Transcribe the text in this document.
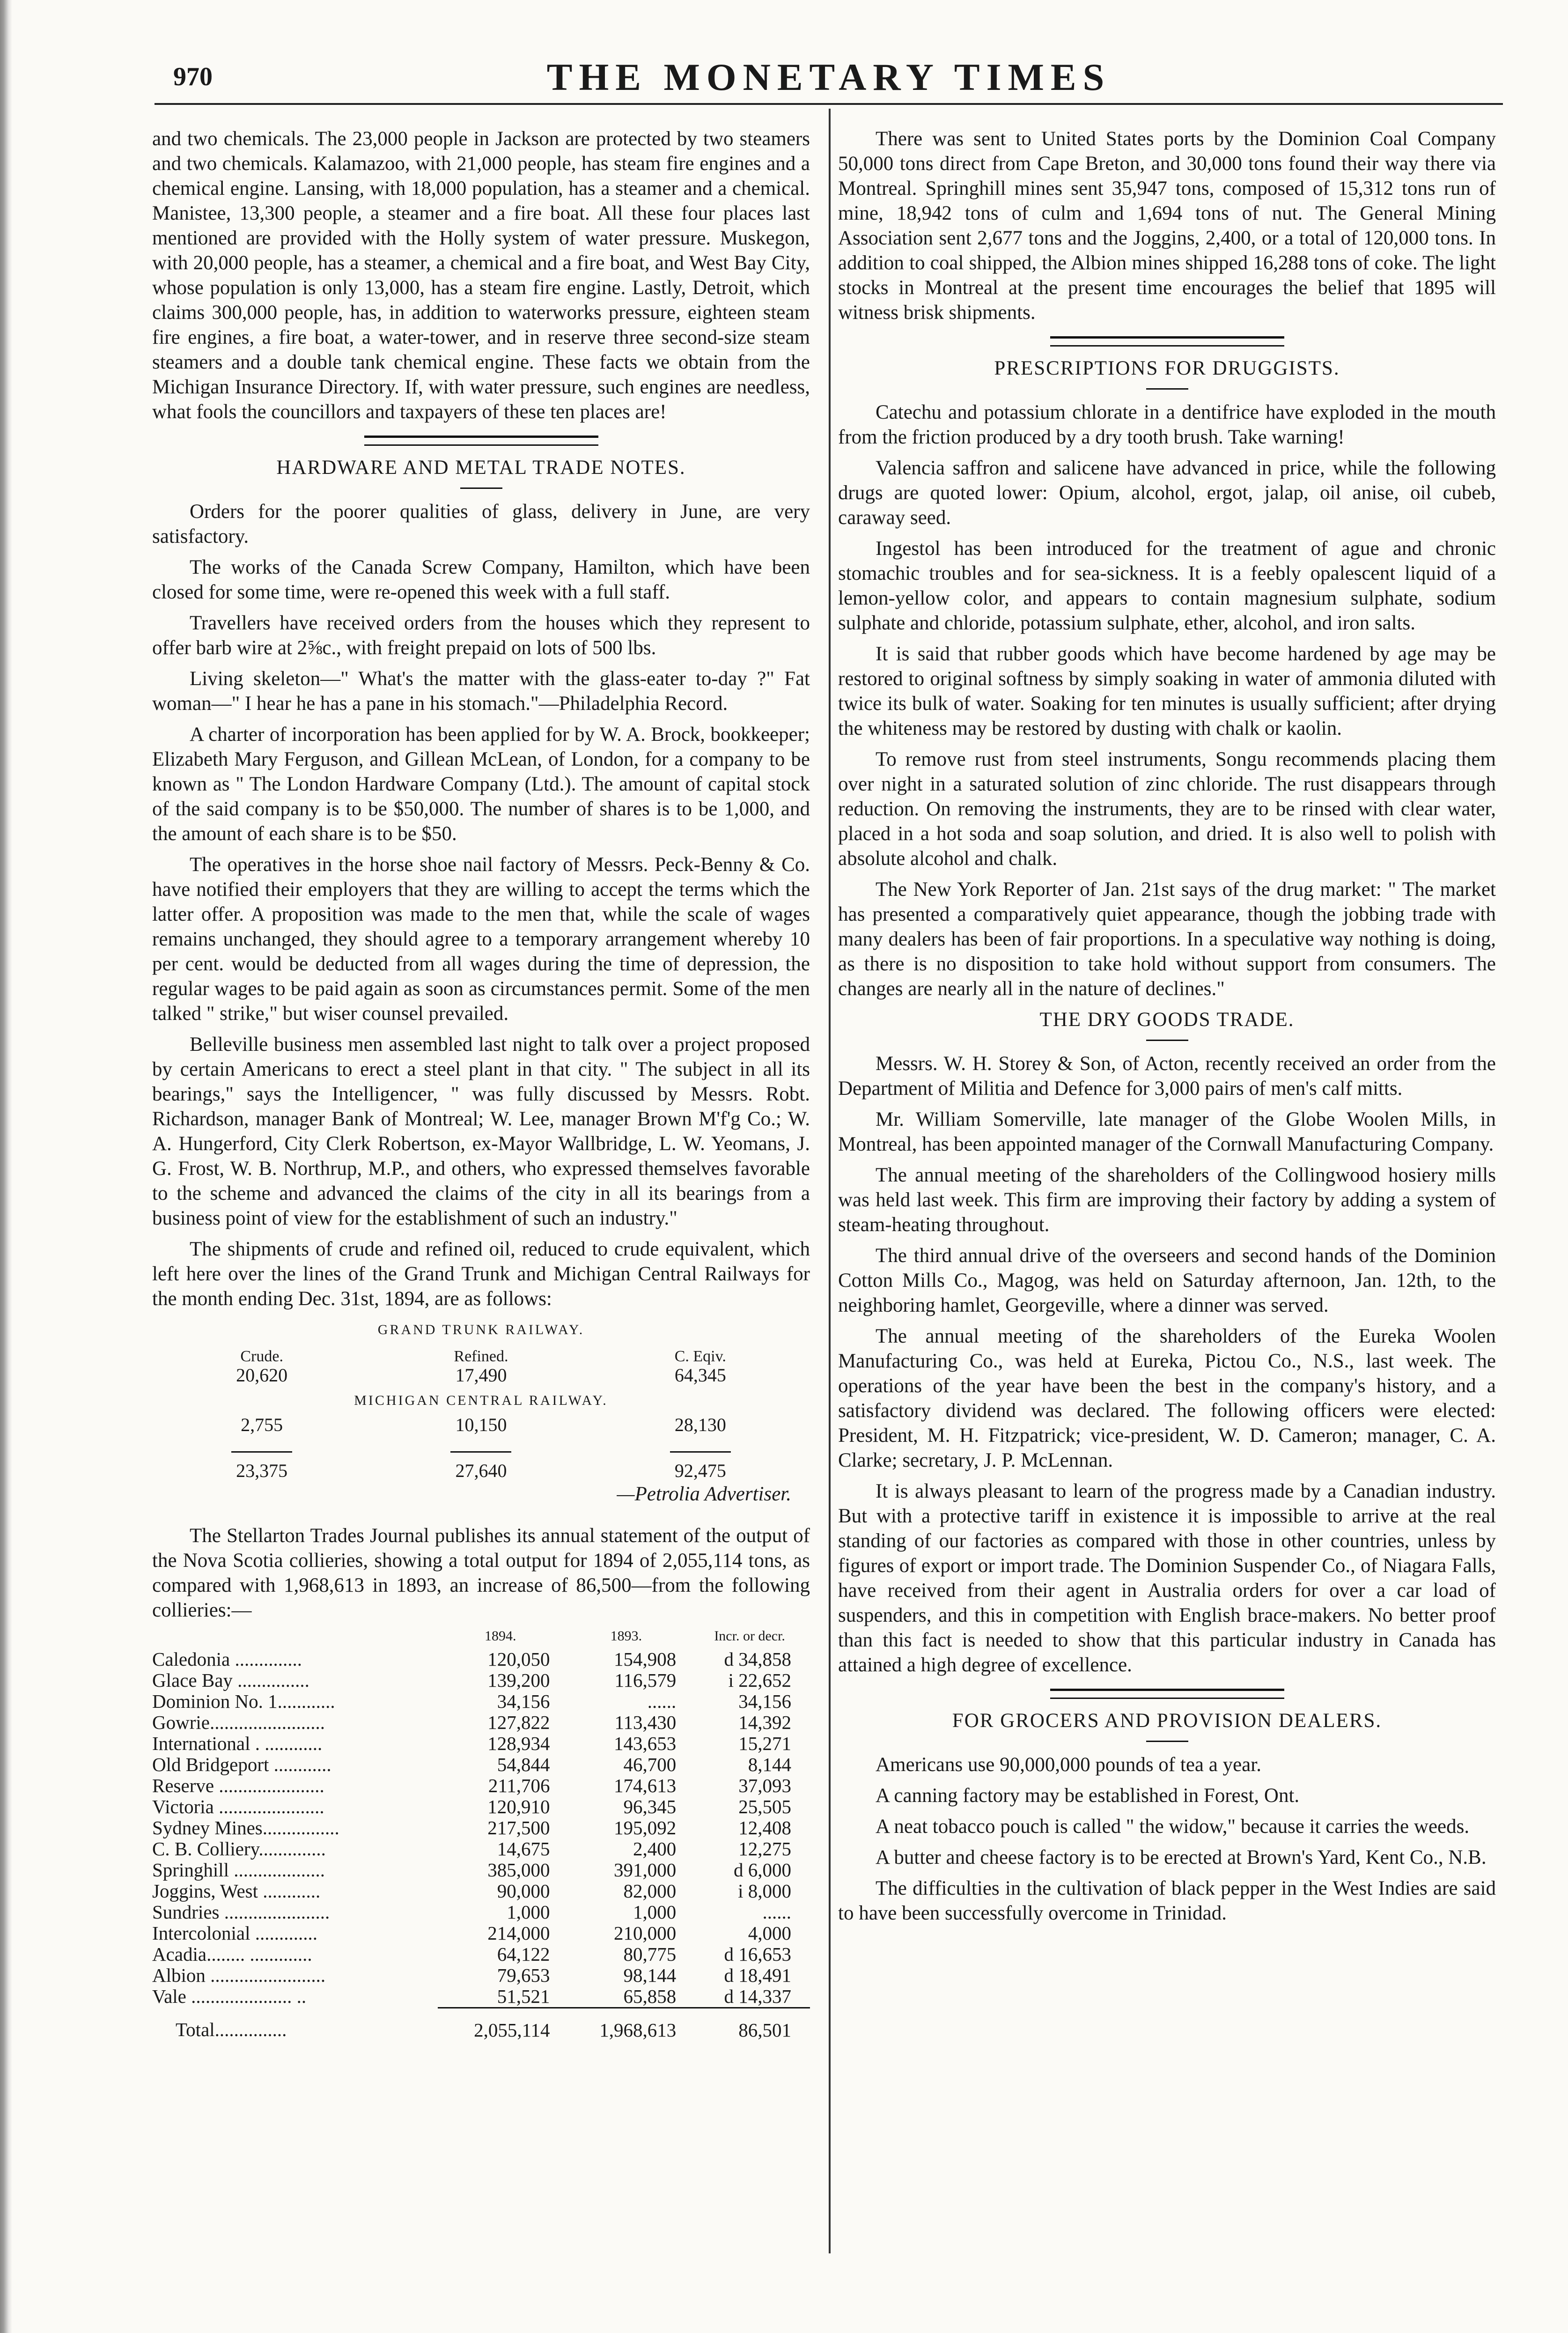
970	THE MONETARY TIMES

and two chemicals. The 23,000 people in Jackson are protected by two steamers and two chemicals. Kalamazoo, with 21,000 people, has steam fire engines and a chemical engine. Lansing, with 18,000 population, has a steamer and a chemical. Manistee, 13,300 people, a steamer and a fire boat. All these four places last mentioned are provided with the Holly system of water pressure. Muskegon, with 20,000 people, has a steamer, a chemical and a fire boat, and West Bay City, whose population is only 13,000, has a steam fire engine. Lastly, Detroit, which claims 300,000 people, has, in addition to waterworks pressure, eighteen steam fire engines, a fire boat, a water-tower, and in reserve three second-size steam steamers and a double tank chemical engine. These facts we obtain from the Michigan Insurance Directory. If, with water pressure, such engines are needless, what fools the councillors and taxpayers of these ten places are!

HARDWARE AND METAL TRADE NOTES.

Orders for the poorer qualities of glass, delivery in June, are very satisfactory.

The works of the Canada Screw Company, Hamilton, which have been closed for some time, were re-opened this week with a full staff.

Travellers have received orders from the houses which they represent to offer barb wire at 2⅝c., with freight prepaid on lots of 500 lbs.

Living skeleton—" What's the matter with the glass-eater to-day ?" Fat woman—" I hear he has a pane in his stomach."—Philadelphia Record.

A charter of incorporation has been applied for by W. A. Brock, bookkeeper; Elizabeth Mary Ferguson, and Gillean McLean, of London, for a company to be known as " The London Hardware Company (Ltd.). The amount of capital stock of the said company is to be $50,000. The number of shares is to be 1,000, and the amount of each share is to be $50.

The operatives in the horse shoe nail factory of Messrs. Peck-Benny & Co. have notified their employers that they are willing to accept the terms which the latter offer. A proposition was made to the men that, while the scale of wages remains unchanged, they should agree to a temporary arrangement whereby 10 per cent. would be deducted from all wages during the time of depression, the regular wages to be paid again as soon as circumstances permit. Some of the men talked " strike," but wiser counsel prevailed.

Belleville business men assembled last night to talk over a project proposed by certain Americans to erect a steel plant in that city. " The subject in all its bearings," says the Intelligencer, " was fully discussed by Messrs. Robt. Richardson, manager Bank of Montreal; W. Lee, manager Brown M'f'g Co.; W. A. Hungerford, City Clerk Robertson, ex-Mayor Wallbridge, L. W. Yeomans, J. G. Frost, W. B. Northrup, M.P., and others, who expressed themselves favorable to the scheme and advanced the claims of the city in all its bearings from a business point of view for the establishment of such an industry."

The shipments of crude and refined oil, reduced to crude equivalent, which left here over the lines of the Grand Trunk and Michigan Central Railways for the month ending Dec. 31st, 1894, are as follows:

GRAND TRUNK RAILWAY.
Crude.	Refined.	C. Eqiv.
20,620	17,490	64,345

MICHIGAN CENTRAL RAILWAY.		

2,755	10,150	28,130

23,375	27,640	92,475
—Petrolia Advertiser.

The Stellarton Trades Journal publishes its annual statement of the output of the Nova Scotia collieries, showing a total output for 1894 of 2,055,114 tons, as compared with 1,968,613 in 1893, an increase of 86,500—from the following collieries:—

	1894.	1893.	Incr. or decr.
Caledonia ..............	120,050	154,908	d 34,858
Glace Bay ...............	139,200	116,579	i 22,652
Dominion No. 1............	34,156	......	34,156
Gowrie........................	127,822	113,430	14,392
International . ............	128,934	143,653	15,271
Old Bridgeport ............	54,844	46,700	8,144
Reserve ......................	211,706	174,613	37,093
Victoria ......................	120,910	96,345	25,505
Sydney Mines................	217,500	195,092	12,408
C. B. Colliery..............	14,675	2,400	12,275
Springhill ...................	385,000	391,000	d 6,000
Joggins, West ............	90,000	82,000	i 8,000
Sundries ......................	1,000	1,000	......
Intercolonial .............	214,000	210,000	4,000
Acadia........ .............	64,122	80,775	d 16,653
Albion ........................	79,653	98,144	d 18,491
Vale ..................... ..	51,521	65,858	d 14,337

Total...............	2,055,114	1,968,613	86,501

There was sent to United States ports by the Dominion Coal Company 50,000 tons direct from Cape Breton, and 30,000 tons found their way there via Montreal. Springhill mines sent 35,947 tons, composed of 15,312 tons run of mine, 18,942 tons of culm and 1,694 tons of nut. The General Mining Association sent 2,677 tons and the Joggins, 2,400, or a total of 120,000 tons. In addition to coal shipped, the Albion mines shipped 16,288 tons of coke. The light stocks in Montreal at the present time encourages the belief that 1895 will witness brisk shipments.

PRESCRIPTIONS FOR DRUGGISTS.

Catechu and potassium chlorate in a dentifrice have exploded in the mouth from the friction produced by a dry tooth brush. Take warning!

Valencia saffron and salicene have advanced in price, while the following drugs are quoted lower: Opium, alcohol, ergot, jalap, oil anise, oil cubeb, caraway seed.

Ingestol has been introduced for the treatment of ague and chronic stomachic troubles and for sea-sickness. It is a feebly opalescent liquid of a lemon-yellow color, and appears to contain magnesium sulphate, sodium sulphate and chloride, potassium sulphate, ether, alcohol, and iron salts.

It is said that rubber goods which have become hardened by age may be restored to original softness by simply soaking in water of ammonia diluted with twice its bulk of water. Soaking for ten minutes is usually sufficient; after drying the whiteness may be restored by dusting with chalk or kaolin.

To remove rust from steel instruments, Songu recommends placing them over night in a saturated solution of zinc chloride. The rust disappears through reduction. On removing the instruments, they are to be rinsed with clear water, placed in a hot soda and soap solution, and dried. It is also well to polish with absolute alcohol and chalk.

The New York Reporter of Jan. 21st says of the drug market: " The market has presented a comparatively quiet appearance, though the jobbing trade with many dealers has been of fair proportions. In a speculative way nothing is doing, as there is no disposition to take hold without support from consumers. The changes are nearly all in the nature of declines."

THE DRY GOODS TRADE.

Messrs. W. H. Storey & Son, of Acton, recently received an order from the Department of Militia and Defence for 3,000 pairs of men's calf mitts.

Mr. William Somerville, late manager of the Globe Woolen Mills, in Montreal, has been appointed manager of the Cornwall Manufacturing Company.

The annual meeting of the shareholders of the Collingwood hosiery mills was held last week. This firm are improving their factory by adding a system of steam-heating throughout.

The third annual drive of the overseers and second hands of the Dominion Cotton Mills Co., Magog, was held on Saturday afternoon, Jan. 12th, to the neighboring hamlet, Georgeville, where a dinner was served.

The annual meeting of the shareholders of the Eureka Woolen Manufacturing Co., was held at Eureka, Pictou Co., N.S., last week. The operations of the year have been the best in the company's history, and a satisfactory dividend was declared. The following officers were elected: President, M. H. Fitzpatrick; vice-president, W. D. Cameron; manager, C. A. Clarke; secretary, J. P. McLennan.

It is always pleasant to learn of the progress made by a Canadian industry. But with a protective tariff in existence it is impossible to arrive at the real standing of our factories as compared with those in other countries, unless by figures of export or import trade. The Dominion Suspender Co., of Niagara Falls, have received from their agent in Australia orders for over a car load of suspenders, and this in competition with English brace-makers. No better proof than this fact is needed to show that this particular industry in Canada has attained a high degree of excellence.

FOR GROCERS AND PROVISION DEALERS.

Americans use 90,000,000 pounds of tea a year.

A canning factory may be established in Forest, Ont.

A neat tobacco pouch is called " the widow," because it carries the weeds.

A butter and cheese factory is to be erected at Brown's Yard, Kent Co., N.B.

The difficulties in the cultivation of black pepper in the West Indies are said to have been successfully overcome in Trinidad.
